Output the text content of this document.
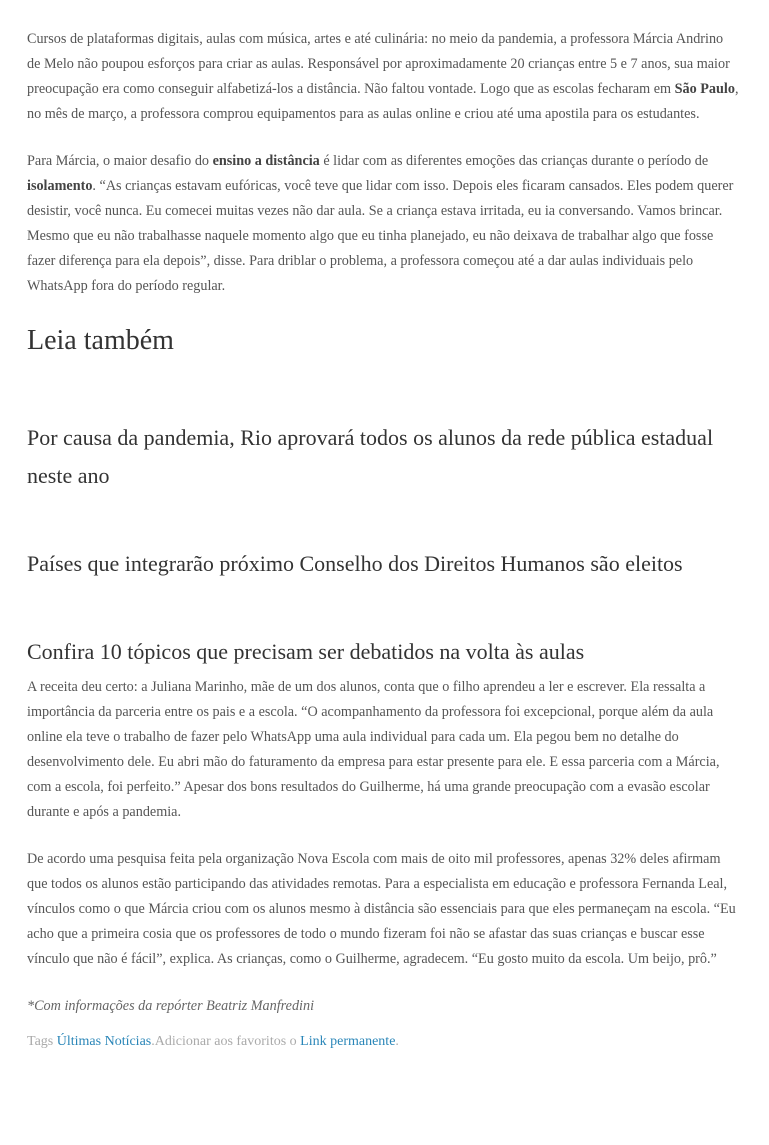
Cursos de plataformas digitais, aulas com música, artes e até culinária: no meio da pandemia, a professora Márcia Andrino de Melo não poupou esforços para criar as aulas. Responsável por aproximadamente 20 crianças entre 5 e 7 anos, sua maior preocupação era como conseguir alfabetizá-los a distância. Não faltou vontade. Logo que as escolas fecharam em São Paulo, no mês de março, a professora comprou equipamentos para as aulas online e criou até uma apostila para os estudantes.

Para Márcia, o maior desafio do ensino a distância é lidar com as diferentes emoções das crianças durante o período de isolamento. “As crianças estavam eufóricas, você teve que lidar com isso. Depois eles ficaram cansados. Eles podem querer desistir, você nunca. Eu comecei muitas vezes não dar aula. Se a criança estava irritada, eu ia conversando. Vamos brincar. Mesmo que eu não trabalhasse naquele momento algo que eu tinha planejado, eu não deixava de trabalhar algo que fosse fazer diferença para ela depois”, disse. Para driblar o problema, a professora começou até a dar aulas individuais pelo WhatsApp fora do período regular.

Leia também
Por causa da pandemia, Rio aprovará todos os alunos da rede pública estadual neste ano
Países que integrarão próximo Conselho dos Direitos Humanos são eleitos
Confira 10 tópicos que precisam ser debatidos na volta às aulas

A receita deu certo: a Juliana Marinho, mãe de um dos alunos, conta que o filho aprendeu a ler e escrever. Ela ressalta a importância da parceria entre os pais e a escola. “O acompanhamento da professora foi excepcional, porque além da aula online ela teve o trabalho de fazer pelo WhatsApp uma aula individual para cada um. Ela pegou bem no detalhe do desenvolvimento dele. Eu abri mão do faturamento da empresa para estar presente para ele. E essa parceria com a Márcia, com a escola, foi perfeito.” Apesar dos bons resultados do Guilherme, há uma grande preocupação com a evasão escolar durante e após a pandemia.

De acordo uma pesquisa feita pela organização Nova Escola com mais de oito mil professores, apenas 32% deles afirmam que todos os alunos estão participando das atividades remotas. Para a especialista em educação e professora Fernanda Leal, vínculos como o que Márcia criou com os alunos mesmo à distância são essenciais para que eles permaneçam na escola. “Eu acho que a primeira cosia que os professores de todo o mundo fizeram foi não se afastar das suas crianças e buscar esse vínculo que não é fácil”, explica. As crianças, como o Guilherme, agradecem. “Eu gosto muito da escola. Um beijo, prô.”

*Com informações da repórter Beatriz Manfredini

Tags Últimas Notícias.Adicionar aos favoritos o Link permanente.
